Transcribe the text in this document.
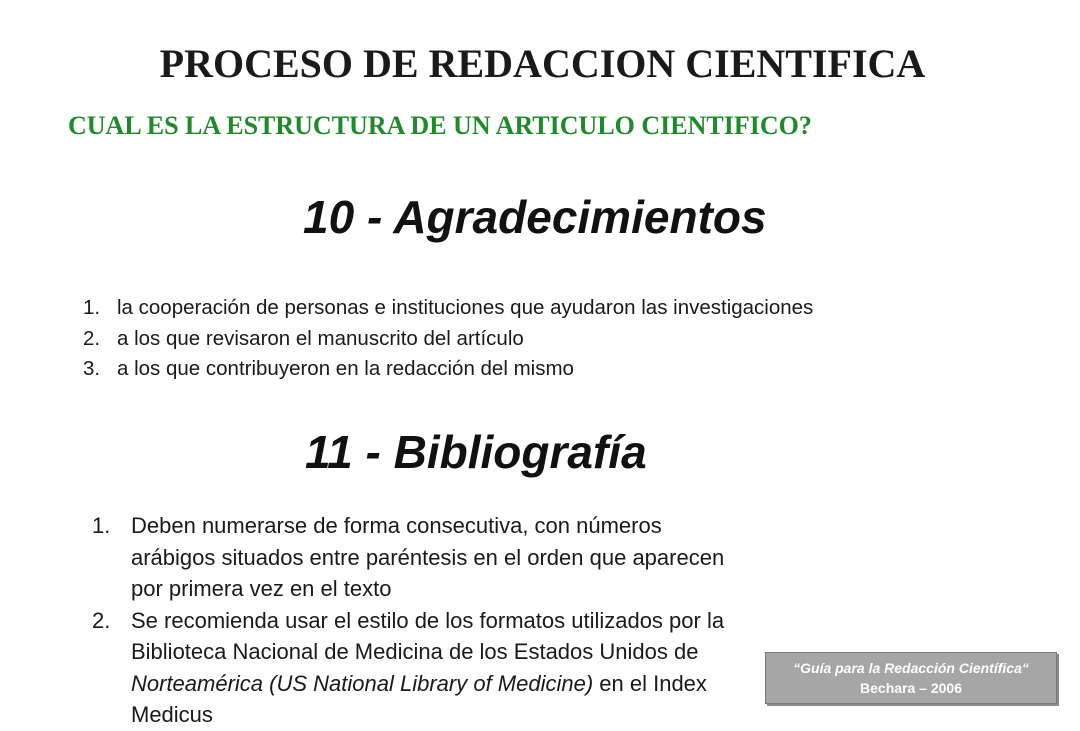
PROCESO DE REDACCION CIENTIFICA
CUAL ES LA ESTRUCTURA DE UN ARTICULO CIENTIFICO?
10 - Agradecimientos
1. la cooperación de personas e instituciones que ayudaron las investigaciones
2. a los que revisaron el manuscrito del artículo
3. a los que contribuyeron en la redacción del mismo
11 - Bibliografía
1. Deben numerarse de forma consecutiva, con números arábigos situados entre paréntesis en el orden que aparecen por primera vez en el texto
2. Se recomienda usar el estilo de los formatos utilizados por la Biblioteca Nacional de Medicina de los Estados Unidos de Norteamérica (US National Library of Medicine) en el Index Medicus
“Guía para la Redacción Científica“
Bechara – 2006
